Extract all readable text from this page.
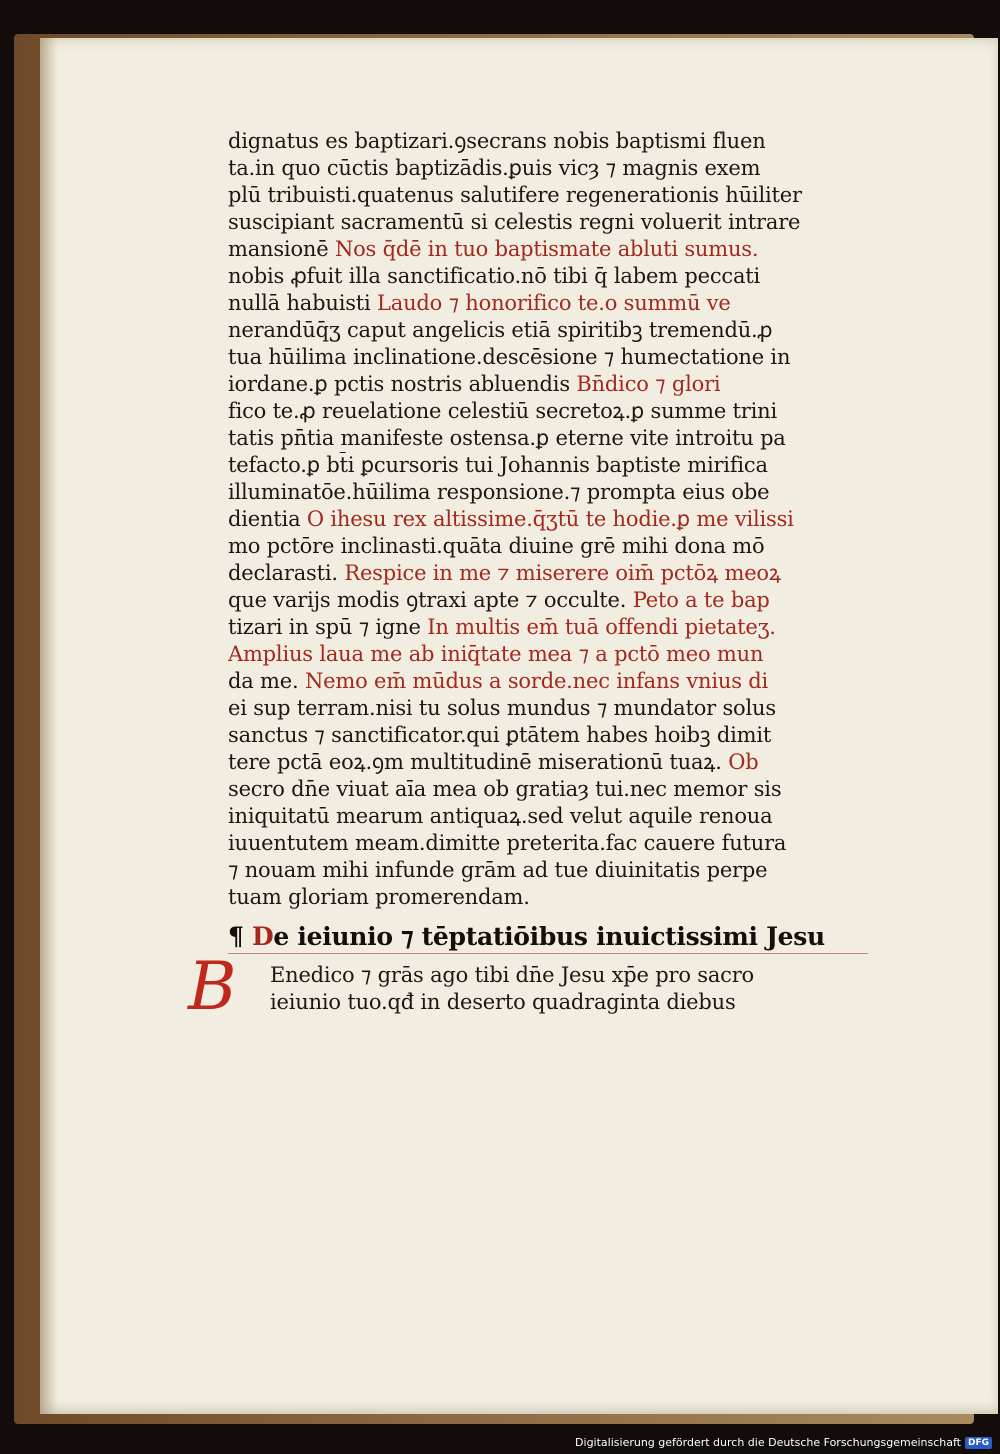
dignatus es baptizari.ꝯsecrans nobis baptismi fluen
ta.in quo cūctis baptizādis.ꝑuis vicȝ ⁊ magnis exem
plū tribuisti.quatenus salutifere regenerationis hūiliter
suscipiant sacramentū si celestis regni voluerit intrare
mansionē Nos q̄dē in tuo baptismate abluti sumus.
nobis ꝓfuit illa sanctificatio.nō tibi q̄ labem peccati
nullā habuisti Laudo ⁊ honorifico te.o summū ve
nerandūq̄ʒ caput angelicis etiā spiritibꝫ tremendū.ꝓ
tua hūilima inclinatione.descēsione ⁊ humectatione in
iordane.ꝑ pctis nostris abluendis Bn̄dico ⁊ glori
fico te.ꝓ reuelatione celestiū secretoꝝ.ꝑ summe trini
tatis pn̄tia manifeste ostensa.ꝑ eterne vite introitu pa
tefacto.ꝑ bt̄i ꝑcursoris tui Johannis baptiste mirifica
illuminatōe.hūilima responsione.⁊ prompta eius obe
dientia O ihesu rex altissime.q̄ʒtū te hodie.ꝑ me vilissi
mo pctōre inclinasti.quāta diuine grē mihi dona mō
declarasti. Respice in me ⁊ miserere oim̄ pctōꝝ meoꝝ
que varijs modis ꝯtraxi apte ⁊ occulte. Peto a te bap
tizari in spū ⁊ igne In multis em̄ tuā offendi pietateʒ.
Amplius laua me ab iniq̄tate mea ⁊ a pctō meo mun
da me. Nemo em̄ mūdus a sorde.nec infans vnius di
ei sup terram.nisi tu solus mundus ⁊ mundator solus
sanctus ⁊ sanctificator.qui ꝑtātem habes hoibꝫ dimit
tere pctā eoꝝ.ꝯm multitudinē miserationū tuaꝝ. Ob
secro dn̄e viuat aīa mea ob gratiaȝ tui.nec memor sis
iniquitatū mearum antiquaꝝ.sed velut aquile renoua
iuuentutem meam.dimitte preterita.fac cauere futura
⁊ nouam mihi infunde grām ad tue diuinitatis perpe
tuam gloriam promerendam.
¶ De ieiunio ⁊ tēptatiōibus inuictissimi Jesu
B Enedico ⁊ grās ago tibi dn̄e Jesu xp̄e pro sacro
ieiunio tuo.qđ in deserto quadraginta diebus
Digitalisierung gefördert durch die Deutsche Forschungsgemeinschaft DFG
